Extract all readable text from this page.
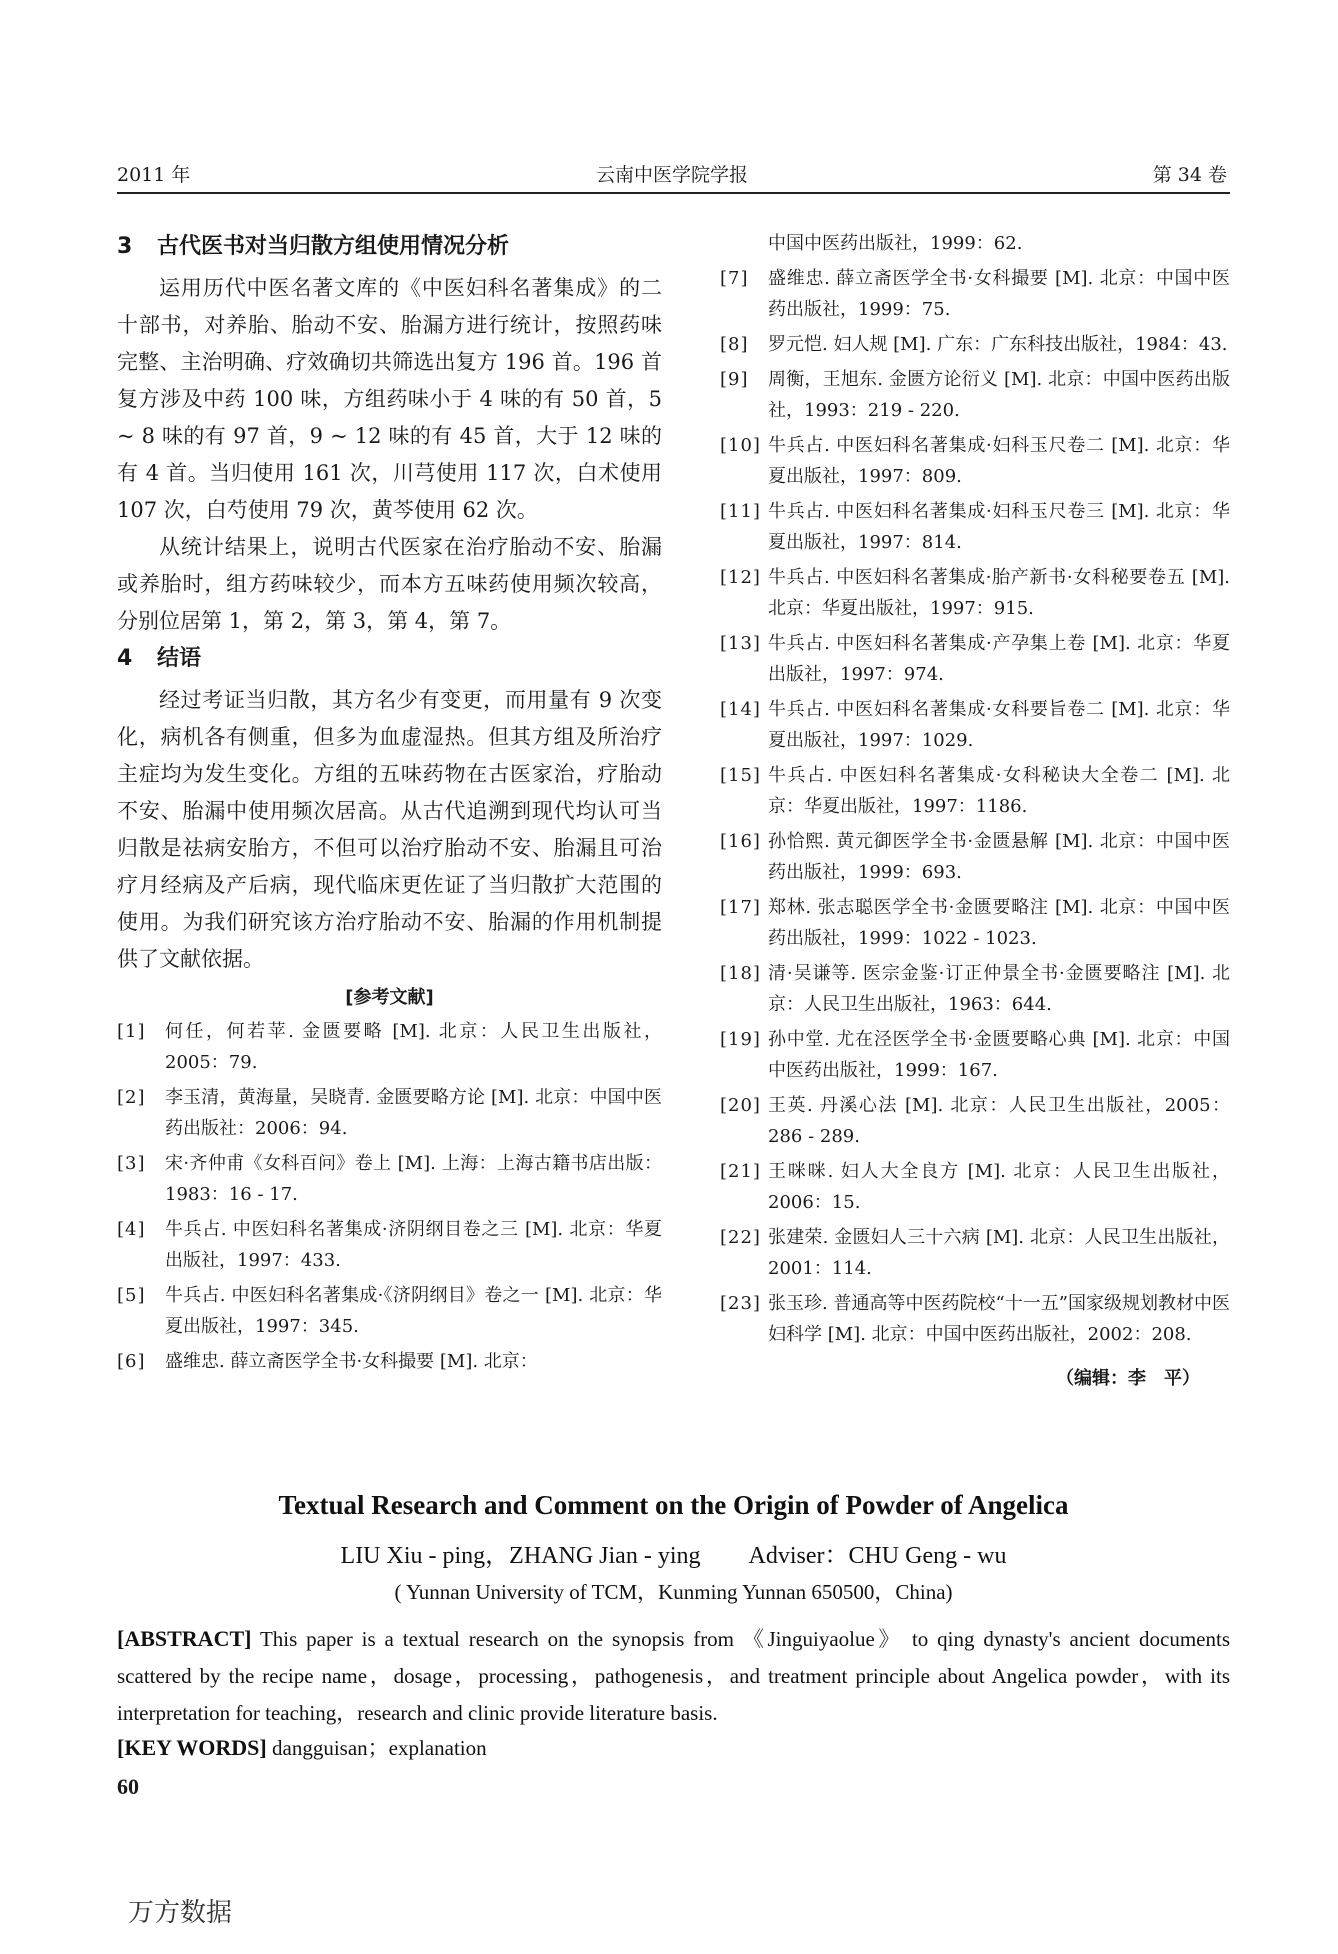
2011 年	云南中医学院学报	第 34 卷
3 古代医书对当归散方组使用情况分析

运用历代中医名著文库的《中医妇科名著集成》的二十部书，对养胎、胎动不安、胎漏方进行统计，按照药味完整、主治明确、疗效确切共筛选出复方 196 首。196 首复方涉及中药 100 味，方组药味小于 4 味的有 50 首，5 ~ 8 味的有 97 首，9 ~ 12 味的有 45 首，大于 12 味的有 4 首。当归使用 161 次，川芎使用 117 次，白术使用 107 次，白芍使用 79 次，黄芩使用 62 次。

从统计结果上，说明古代医家在治疗胎动不安、胎漏或养胎时，组方药味较少，而本方五味药使用频次较高，分别位居第 1，第 2，第 3，第 4，第 7。

4 结语

经过考证当归散，其方名少有变更，而用量有 9 次变化，病机各有侧重，但多为血虚湿热。但其方组及所治疗主症均为发生变化。方组的五味药物在古医家治，疗胎动不安、胎漏中使用频次居高。从古代追溯到现代均认可当归散是祛病安胎方，不但可以治疗胎动不安、胎漏且可治疗月经病及产后病，现代临床更佐证了当归散扩大范围的使用。为我们研究该方治疗胎动不安、胎漏的作用机制提供了文献依据。

[参考文献]
[1]	何任，何若苹. 金匮要略 [M]. 北京：人民卫生出版社，2005：79.
[2]	李玉清，黄海量，吴晓青. 金匮要略方论 [M]. 北京：中国中医药出版社：2006：94.
[3]	宋·齐仲甫《女科百问》卷上 [M]. 上海：上海古籍书店出版：1983：16 - 17.
[4]	牛兵占. 中医妇科名著集成·济阴纲目卷之三 [M]. 北京：华夏出版社，1997：433.
[5]	牛兵占. 中医妇科名著集成·《济阴纲目》卷之一 [M]. 北京：华夏出版社，1997：345.
[6]	盛维忠. 薛立斋医学全书·女科撮要 [M]. 北京：
中国中医药出版社，1999：62.
[7]	盛维忠. 薛立斋医学全书·女科撮要 [M]. 北京：中国中医药出版社，1999：75.
[8]	罗元恺. 妇人规 [M]. 广东：广东科技出版社，1984：43.
[9]	周衡，王旭东. 金匮方论衍义 [M]. 北京：中国中医药出版社，1993：219 - 220.
[10] 牛兵占. 中医妇科名著集成·妇科玉尺卷二 [M]. 北京：华夏出版社，1997：809.
[11] 牛兵占. 中医妇科名著集成·妇科玉尺卷三 [M]. 北京：华夏出版社，1997：814.
[12] 牛兵占. 中医妇科名著集成·胎产新书·女科秘要卷五 [M]. 北京：华夏出版社，1997：915.
[13] 牛兵占. 中医妇科名著集成·产孕集上卷 [M]. 北京：华夏出版社，1997：974.
[14] 牛兵占. 中医妇科名著集成·女科要旨卷二 [M]. 北京：华夏出版社，1997：1029.
[15] 牛兵占. 中医妇科名著集成·女科秘诀大全卷二 [M]. 北京：华夏出版社，1997：1186.
[16] 孙恰熙. 黄元御医学全书·金匮悬解 [M]. 北京：中国中医药出版社，1999：693.
[17] 郑林. 张志聪医学全书·金匮要略注 [M]. 北京：中国中医药出版社，1999：1022 - 1023.
[18] 清·吴谦等. 医宗金鉴·订正仲景全书·金匮要略注 [M]. 北京：人民卫生出版社，1963：644.
[19] 孙中堂. 尤在泾医学全书·金匮要略心典 [M]. 北京：中国中医药出版社，1999：167.
[20] 王英. 丹溪心法 [M]. 北京：人民卫生出版社，2005：286 - 289.
[21] 王咪咪. 妇人大全良方 [M]. 北京：人民卫生出版社，2006：15.
[22] 张建荣. 金匮妇人三十六病 [M]. 北京：人民卫生出版社，2001：114.
[23] 张玉珍. 普通高等中医药院校“十一五”国家级规划教材中医妇科学 [M]. 北京：中国中医药出版社，2002：208.
（编辑：李　平）
Textual Research and Comment on the Origin of Powder of Angelica
LIU Xiu - ping，ZHANG Jian - ying　　Adviser：CHU Geng - wu
( Yunnan University of TCM，Kunming Yunnan 650500，China)
[ABSTRACT] This paper is a textual research on the synopsis from 《Jinguiyaolue》 to qing dynasty's ancient documents scattered by the recipe name，dosage，processing，pathogenesis，and treatment principle about Angelica powder，with its interpretation for teaching，research and clinic provide literature basis.
[KEY WORDS] dangguisan；explanation
60
万方数据
